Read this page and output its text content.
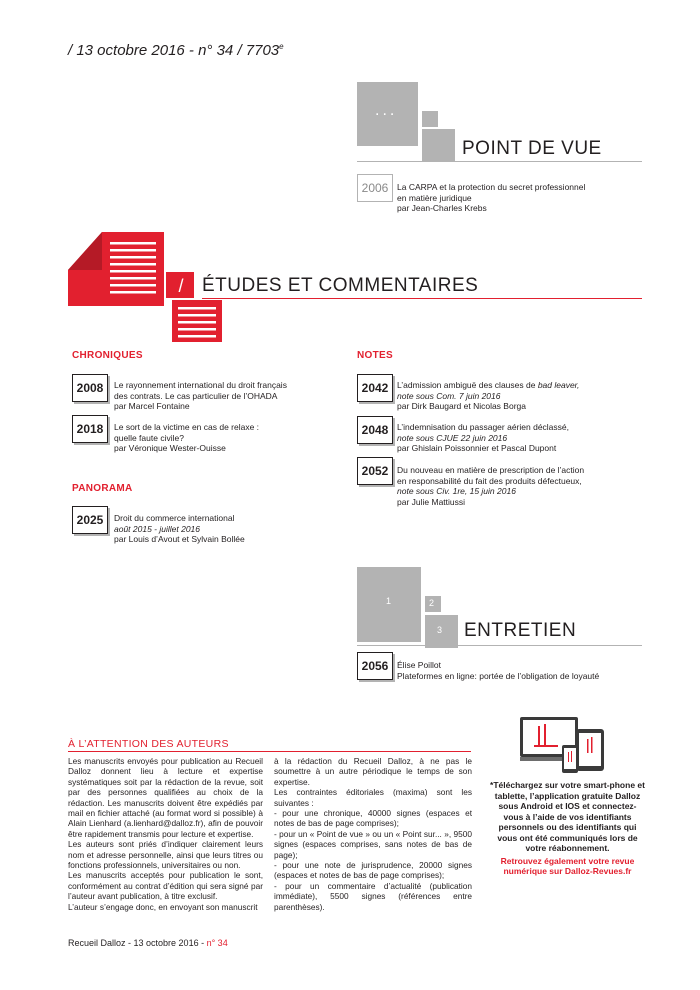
/ 13 octobre 2016 - n° 34 / 7703e
...
POINT DE VUE
2006	La CARPA et la protection du secret professionnel
en matière juridique
par Jean-Charles Krebs
/ ÉTUDES ET COMMENTAIRES
CHRONIQUES
2008	Le rayonnement international du droit français
des contrats. Le cas particulier de l’OHADA
par Marcel Fontaine
2018	Le sort de la victime en cas de relaxe :
quelle faute civile?
par Véronique Wester-Ouisse
PANORAMA
2025	Droit du commerce international
août 2015 - juillet 2016
par Louis d’Avout et Sylvain Bollée
NOTES
2042	L’admission ambiguë des clauses de bad leaver,
note sous Com. 7 juin 2016
par Dirk Baugard et Nicolas Borga
2048	L’indemnisation du passager aérien déclassé,
note sous CJUE 22 juin 2016
par Ghislain Poissonnier et Pascal Dupont
2052	Du nouveau en matière de prescription de l’action
en responsabilité du fait des produits défectueux,
note sous Civ. 1re, 15 juin 2016
par Julie Mattiussi
1	2
3 ENTRETIEN
2056	Élise Poillot
Plateformes en ligne: portée de l’obligation de loyauté
À L’ATTENTION DES AUTEURS
Les manuscrits envoyés pour publication au Recueil Dalloz donnent lieu à lecture et expertise systématiques soit par la rédaction de la revue, soit par des personnes qualifiées au choix de la rédaction. Les manuscrits doivent être expédiés par mail en fichier attaché (au format word si possible) à Alain Lienhard (a.lienhard@dalloz.fr), afin de pouvoir être rapidement transmis pour lecture et expertise.
Les auteurs sont priés d’indiquer clairement leurs nom et adresse personnelle, ainsi que leurs titres ou fonctions professionnels, universitaires ou non.
Les manuscrits acceptés pour publication le sont, conformément au contrat d’édition qui sera signé par l’auteur avant publication, à titre exclusif.
L’auteur s’engage donc, en envoyant son manuscrit
à la rédaction du Recueil Dalloz, à ne pas le soumettre à un autre périodique le temps de son expertise.
Les contraintes éditoriales (maxima) sont les suivantes :
- pour une chronique, 40000 signes (espaces et notes de bas de page comprises);
- pour un « Point de vue » ou un « Point sur... », 9500 signes (espaces comprises, sans notes de bas de page);
- pour une note de jurisprudence, 20000 signes (espaces et notes de bas de page comprises);
- pour un commentaire d’actualité (publication immédiate), 5500 signes (références entre parenthèses).
*Téléchargez sur votre smart-phone et tablette, l’application gratuite Dalloz sous Android et IOS et connectez-vous à l’aide de vos identifiants personnels ou des identifiants qui vous ont été communiqués lors de votre réabonnement.
Retrouvez également votre revue numérique sur Dalloz-Revues.fr
Recueil Dalloz - 13 octobre 2016 - n° 34
